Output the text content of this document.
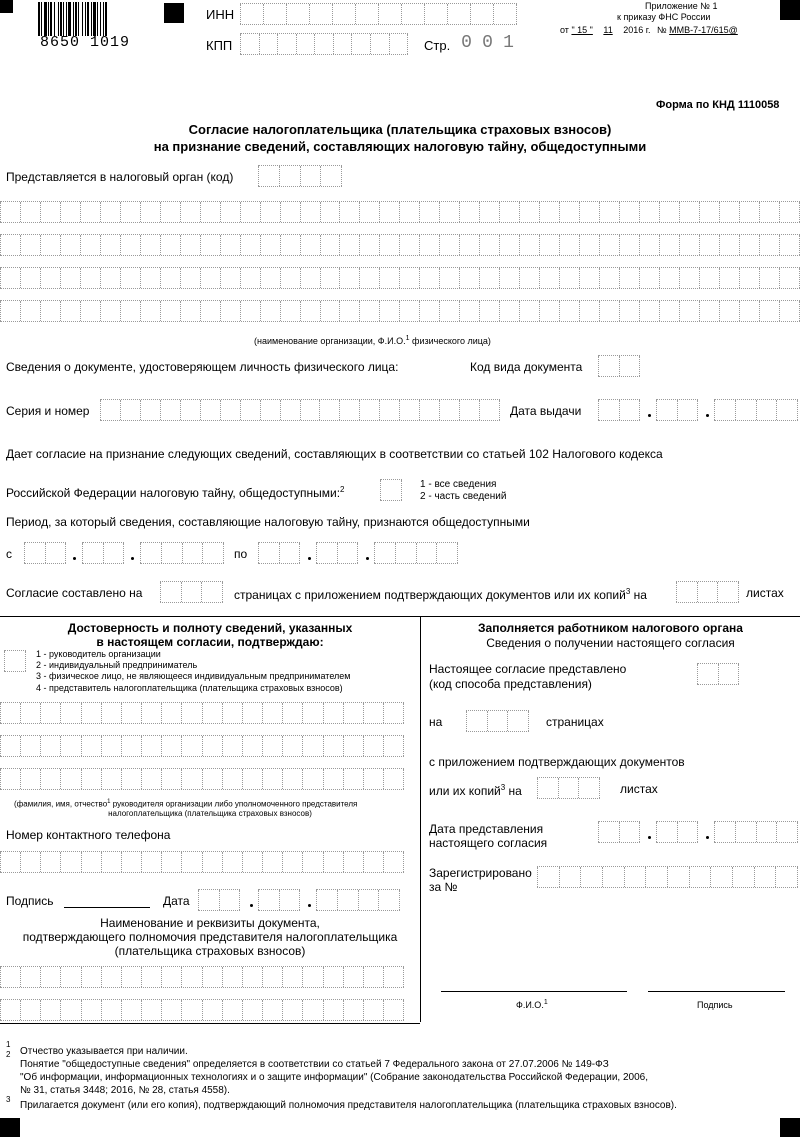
8650 1019
ИНН
КПП	Стр. 0 0 1
Приложение № 1
к приказу ФНС России
от " 15 " 11 2016 г. № ММВ-7-17/615@
Форма по КНД 1110058
Согласие налогоплательщика (плательщика страховых взносов)
на признание сведений, составляющих налоговую тайну, общедоступными
Представляется в налоговый орган (код)
(наименование организации, Ф.И.О.$^1$ физического лица)
Сведения о документе, удостоверяющем личность физического лица:	Код вида документа
Серия и номер	Дата выдачи
Дает согласие на признание следующих сведений, составляющих в соответствии со статьей 102 Налогового кодекса
Российской Федерации налоговую тайну, общедоступными:$^2$	1 - все сведения
2 - часть сведений
Период, за который сведения, составляющие налоговую тайну, признаются общедоступными
с	по
Согласие составлено на	страницах с приложением подтверждающих документов или их копий$^3$ на	листах
Достоверность и полноту сведений, указанных
в настоящем согласии, подтверждаю:
1 - руководитель организации
2 - индивидуальный предприниматель
3 - физическое лицо, не являющееся индивидуальным предпринимателем
4 - представитель налогоплательщика (плательщика страховых взносов)
(фамилия, имя, отчество$^1$ руководителя организации либо уполномоченного представителя
налогоплательщика (плательщика страховых взносов)
Номер контактного телефона
Подпись	Дата
Наименование и реквизиты документа,
подтверждающего полномочия представителя налогоплательщика
(плательщика страховых взносов)
Заполняется работником налогового органа
Сведения о получении настоящего согласия
Настоящее согласие представлено
(код способа представления)
на	страницах
с приложением подтверждающих документов
или их копий$^3$ на	листах
Дата представления
настоящего согласия
Зарегистрировано
за №
Ф.И.О.$^1$	Подпись
1
2
3
Отчество указывается при наличии.
Понятие "общедоступные сведения" определяется в соответствии со статьей 7 Федерального закона от 27.07.2006 № 149-ФЗ
"Об информации, информационных технологиях и о защите информации" (Собрание законодательства Российской Федерации, 2006,
№ 31, статья 3448; 2016, № 28, статья 4558).
Прилагается документ (или его копия), подтверждающий полномочия представителя налогоплательщика (плательщика страховых взносов).
